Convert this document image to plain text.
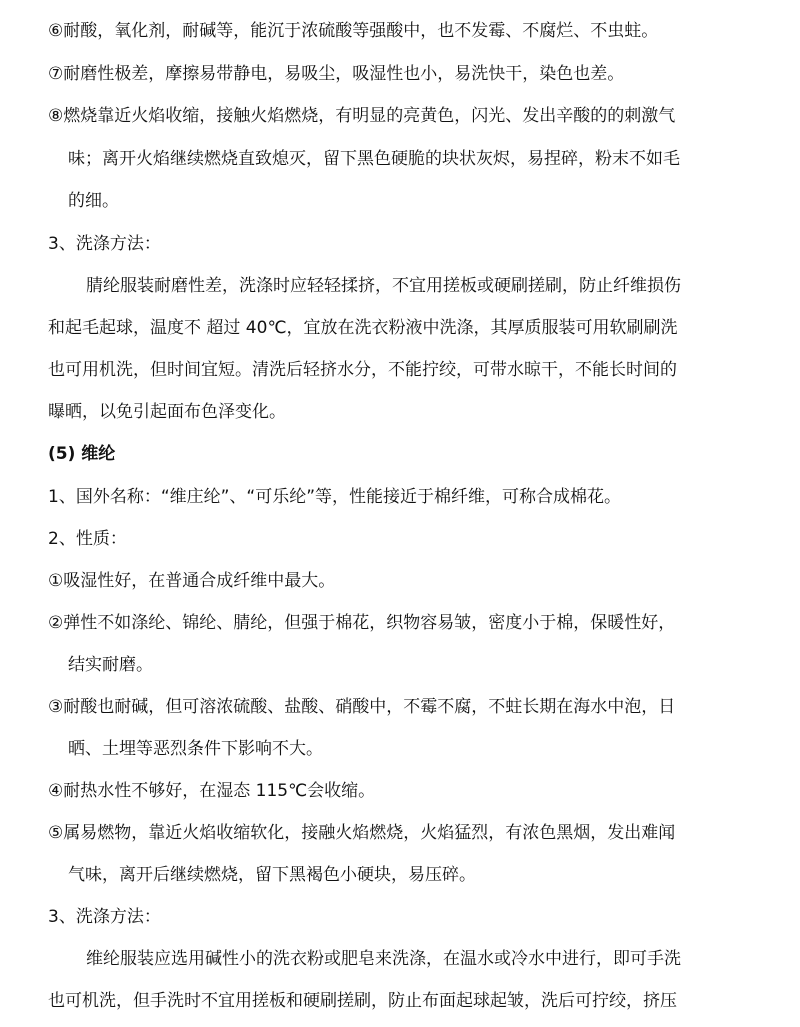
⑥耐酸，氧化剂，耐碱等，能沉于浓硫酸等强酸中，也不发霉、不腐烂、不虫蛀。
⑦耐磨性极差，摩擦易带静电，易吸尘，吸湿性也小，易洗快干，染色也差。
⑧燃烧靠近火焰收缩，接触火焰燃烧，有明显的亮黄色，闪光、发出辛酸的的刺激气
味；离开火焰继续燃烧直致熄灭，留下黑色硬脆的块状灰烬，易捏碎，粉末不如毛
的细。
3、洗涤方法：
腈纶服装耐磨性差，洗涤时应轻轻揉挤，不宜用搓板或硬刷搓刷，防止纤维损伤
和起毛起球，温度不 超过 40℃，宜放在洗衣粉液中洗涤，其厚质服装可用软刷刷洗
也可用机洗，但时间宜短。清洗后轻挤水分，不能拧绞，可带水晾干，不能长时间的
曝晒，以免引起面布色泽变化。
(5) 维纶
1、国外名称：“维庄纶”、“可乐纶”等，性能接近于棉纤维，可称合成棉花。
2、性质：
①吸湿性好，在普通合成纤维中最大。
②弹性不如涤纶、锦纶、腈纶，但强于棉花，织物容易皱，密度小于棉，保暖性好，
结实耐磨。
③耐酸也耐碱，但可溶浓硫酸、盐酸、硝酸中，不霉不腐，不蛀长期在海水中泡，日
晒、土埋等恶烈条件下影响不大。
④耐热水性不够好，在湿态 115℃会收缩。
⑤属易燃物，靠近火焰收缩软化，接融火焰燃烧，火焰猛烈，有浓色黑烟，发出难闻
气味，离开后继续燃烧，留下黑褐色小硬块，易压碎。
3、洗涤方法：
维纶服装应选用碱性小的洗衣粉或肥皂来洗涤，在温水或冷水中进行，即可手洗
也可机洗，但手洗时不宜用搓板和硬刷搓刷，防止布面起球起皱，洗后可拧绞，挤压
